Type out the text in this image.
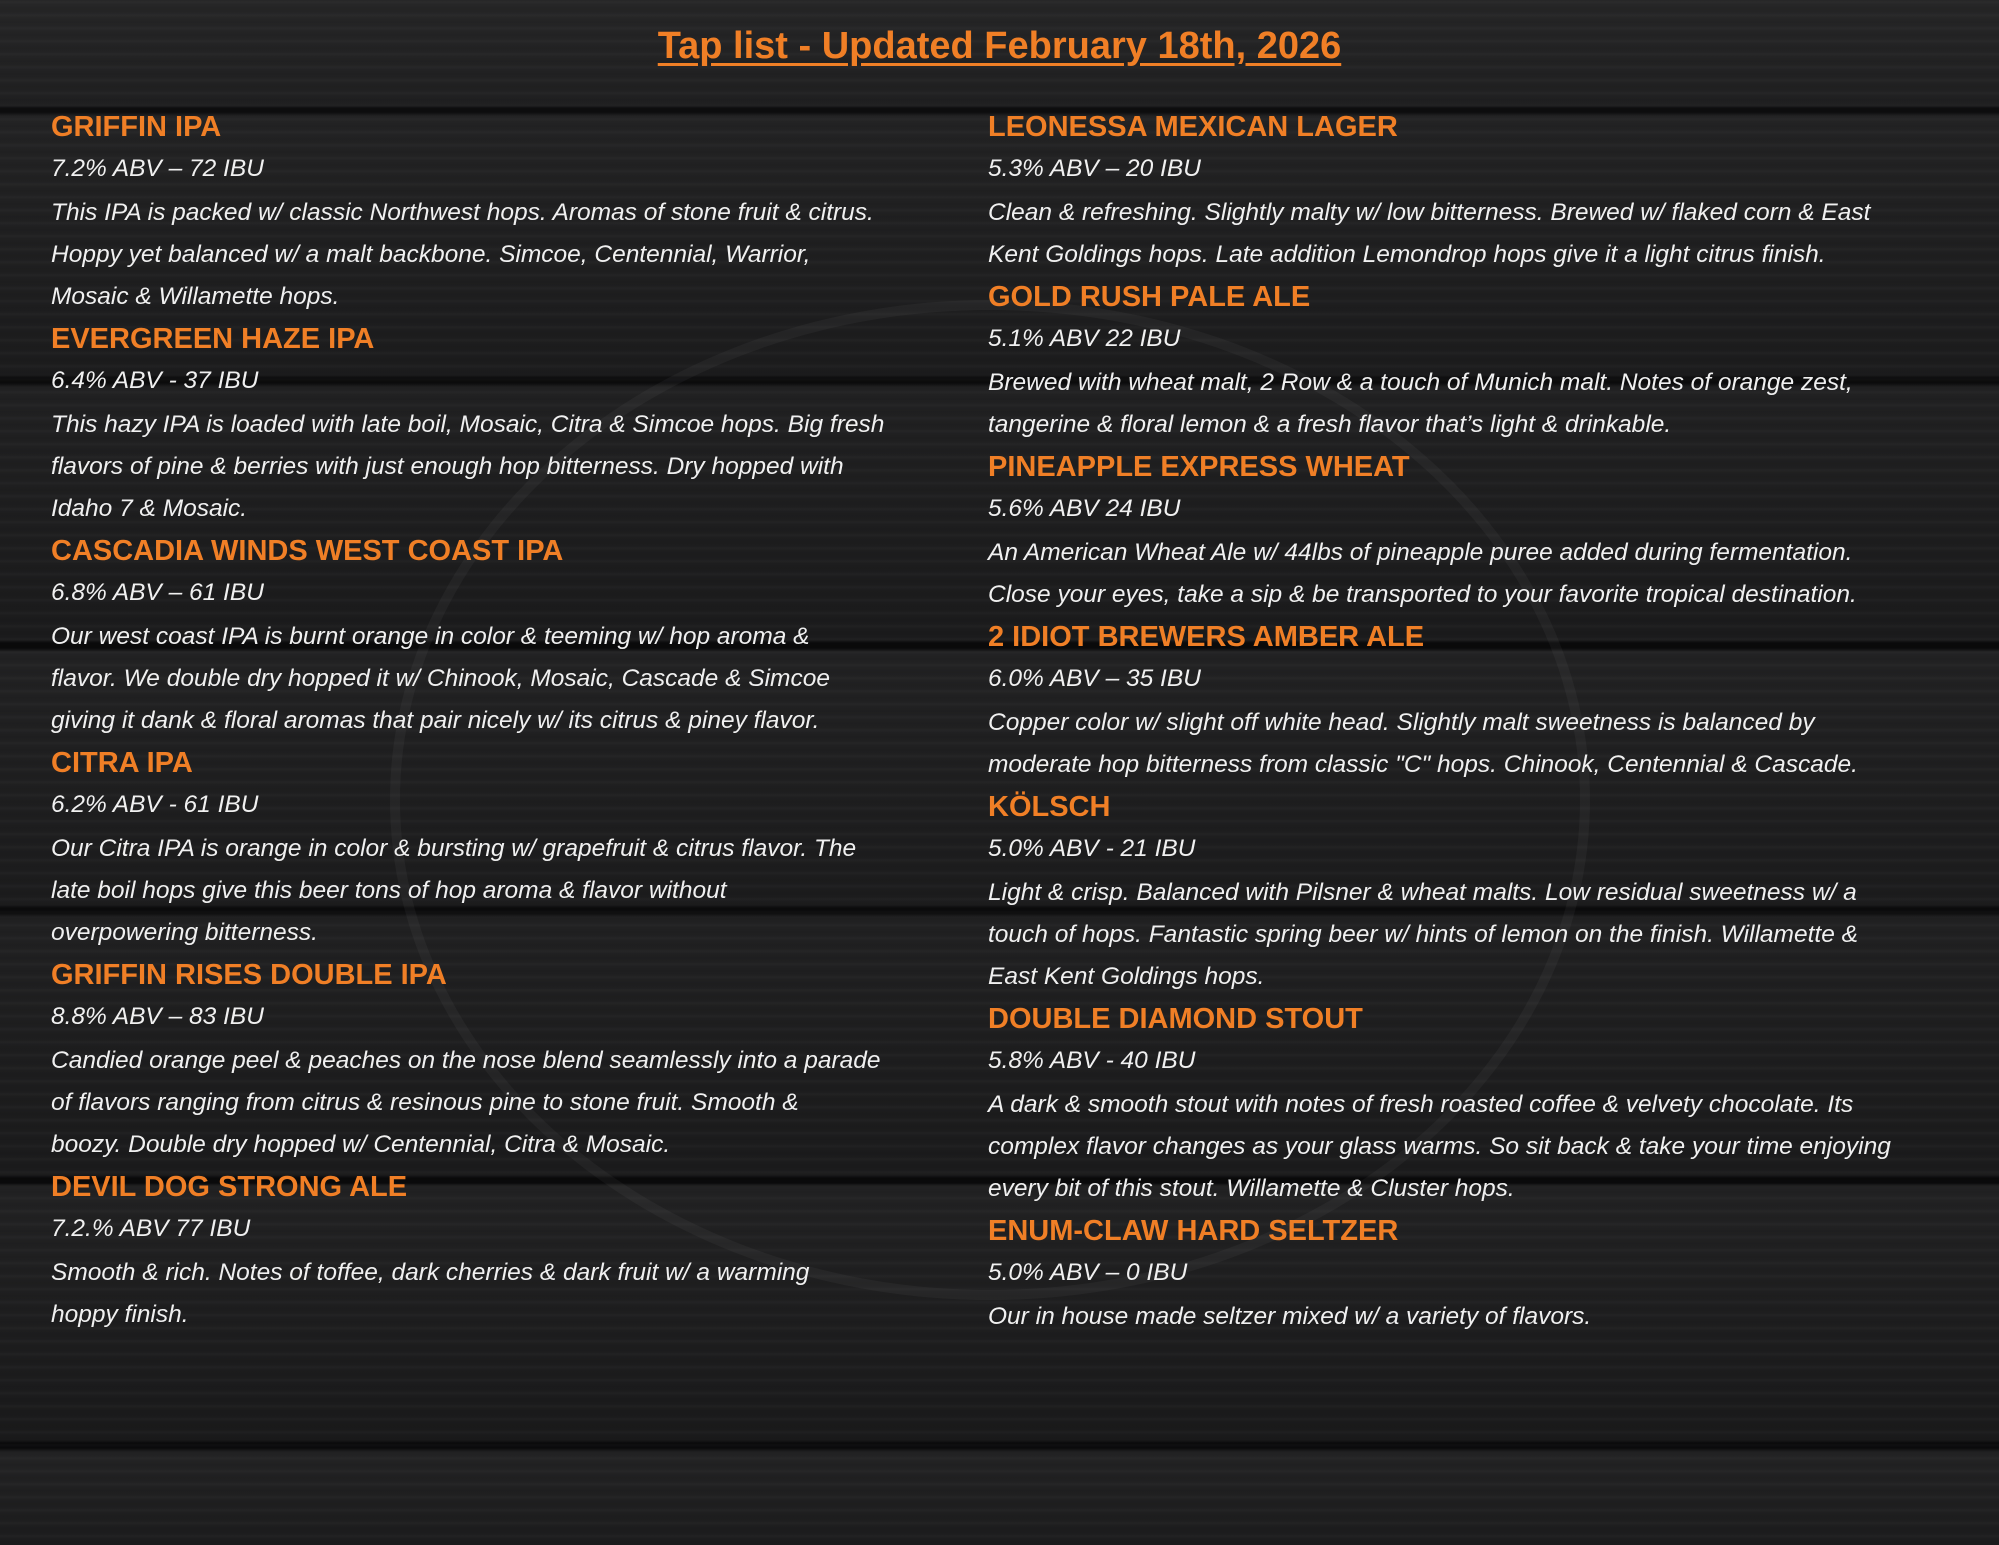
Tap list - Updated February 18th, 2026
GRIFFIN IPA
7.2% ABV – 72 IBU
This IPA is packed w/ classic Northwest hops. Aromas of stone fruit & citrus.
Hoppy yet balanced w/ a malt backbone. Simcoe, Centennial, Warrior,
Mosaic & Willamette hops.
EVERGREEN HAZE IPA
6.4% ABV - 37 IBU
This hazy IPA is loaded with late boil, Mosaic, Citra & Simcoe hops. Big fresh
flavors of pine & berries with just enough hop bitterness. Dry hopped with
Idaho 7 & Mosaic.
CASCADIA WINDS WEST COAST IPA
6.8% ABV – 61 IBU
Our west coast IPA is burnt orange in color & teeming w/ hop aroma &
flavor. We double dry hopped it w/ Chinook, Mosaic, Cascade & Simcoe
giving it dank & floral aromas that pair nicely w/ its citrus & piney flavor.
CITRA IPA
6.2% ABV - 61 IBU
Our Citra IPA is orange in color & bursting w/ grapefruit & citrus flavor. The
late boil hops give this beer tons of hop aroma & flavor without
overpowering bitterness.
GRIFFIN RISES DOUBLE IPA
8.8% ABV – 83 IBU
Candied orange peel & peaches on the nose blend seamlessly into a parade
of flavors ranging from citrus & resinous pine to stone fruit. Smooth &
boozy. Double dry hopped w/ Centennial, Citra & Mosaic.
DEVIL DOG STRONG ALE
7.2.% ABV 77 IBU
Smooth & rich. Notes of toffee, dark cherries & dark fruit w/ a warming
hoppy finish.
LEONESSA MEXICAN LAGER
5.3% ABV – 20 IBU
Clean & refreshing. Slightly malty w/ low bitterness. Brewed w/ flaked corn & East
Kent Goldings hops. Late addition Lemondrop hops give it a light citrus finish.
GOLD RUSH PALE ALE
5.1% ABV 22 IBU
Brewed with wheat malt, 2 Row & a touch of Munich malt. Notes of orange zest,
tangerine & floral lemon & a fresh flavor that’s light & drinkable.
PINEAPPLE EXPRESS WHEAT
5.6% ABV 24 IBU
An American Wheat Ale w/ 44lbs of pineapple puree added during fermentation.
Close your eyes, take a sip & be transported to your favorite tropical destination.
2 IDIOT BREWERS AMBER ALE
6.0% ABV – 35 IBU
Copper color w/ slight off white head. Slightly malt sweetness is balanced by
moderate hop bitterness from classic "C" hops. Chinook, Centennial & Cascade.
KÖLSCH
5.0% ABV - 21 IBU
Light & crisp. Balanced with Pilsner & wheat malts. Low residual sweetness w/ a
touch of hops. Fantastic spring beer w/ hints of lemon on the finish. Willamette &
East Kent Goldings hops.
DOUBLE DIAMOND STOUT
5.8% ABV - 40 IBU
A dark & smooth stout with notes of fresh roasted coffee & velvety chocolate. Its
complex flavor changes as your glass warms. So sit back & take your time enjoying
every bit of this stout. Willamette & Cluster hops.
ENUM-CLAW HARD SELTZER
5.0% ABV – 0 IBU
Our in house made seltzer mixed w/ a variety of flavors.
